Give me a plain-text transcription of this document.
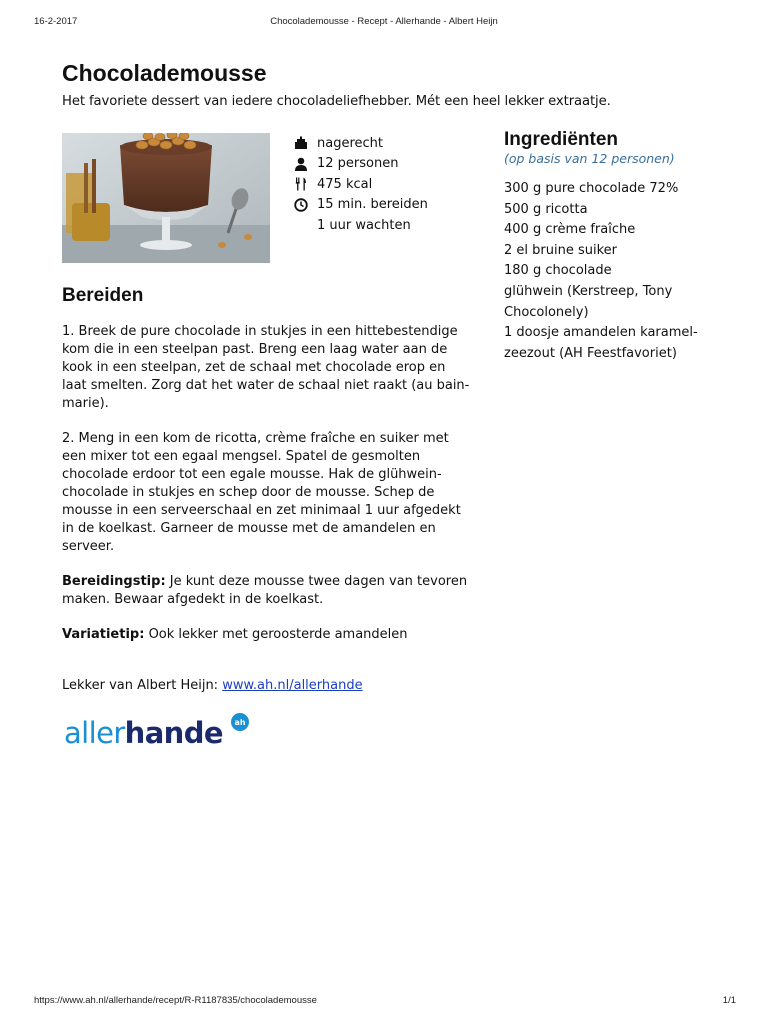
16-2-2017	Chocolademousse - Recept - Allerhande - Albert Heijn
Chocolademousse

Het favoriete dessert van iedere chocoladeliefhebber. Mét een heel lekker extraatje.

nagerecht
12 personen
475 kcal
15 min. bereiden
1 uur wachten
Ingrediënten

(op basis van 12 personen)

300 g pure chocolade 72%
500 g ricotta
400 g crème fraîche
2 el bruine suiker
180 g chocolade
glühwein (Kerstreep, Tony
Chocolonely)
1 doosje amandelen karamel-
zeezout (AH Feestfavoriet)
Bereiden

1. Breek de pure chocolade in stukjes in een hittebestendige kom die in een steelpan past. Breng een laag water aan de kook in een steelpan, zet de schaal met chocolade erop en laat smelten. Zorg dat het water de schaal niet raakt (au bain-marie).

2. Meng in een kom de ricotta, crème fraîche en suiker met een mixer tot een egaal mengsel. Spatel de gesmolten chocolade erdoor tot een egale mousse. Hak de glühwein-chocolade in stukjes en schep door de mousse. Schep de mousse in een serveerschaal en zet minimaal 1 uur afgedekt in de koelkast. Garneer de mousse met de amandelen en serveer.

Bereidingstip: Je kunt deze mousse twee dagen van tevoren maken. Bewaar afgedekt in de koelkast.

Variatietip: Ook lekker met geroosterde amandelen

Lekker van Albert Heijn: www.ah.nl/allerhande
allerhande ah
https://www.ah.nl/allerhande/recept/R-R1187835/chocolademousse	1/1
